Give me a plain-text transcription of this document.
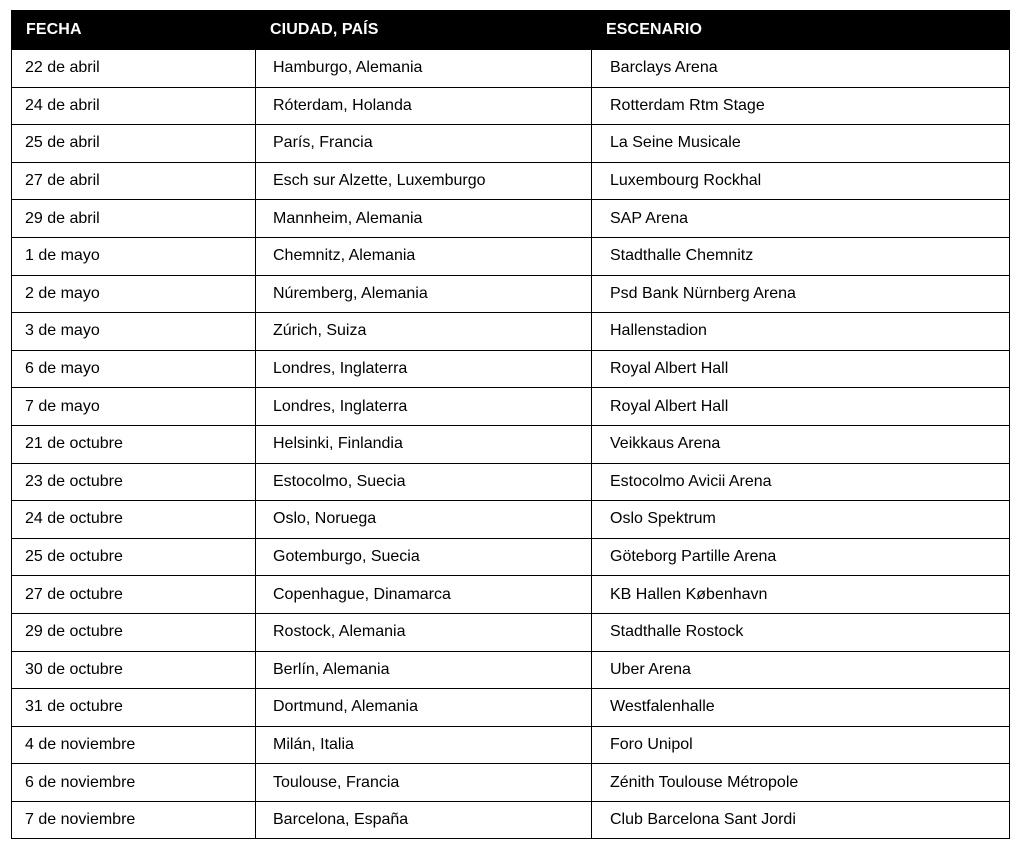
FECHA	CIUDAD, PAÍS	ESCENARIO
22 de abril	Hamburgo, Alemania	Barclays Arena
24 de abril	Róterdam, Holanda	Rotterdam Rtm Stage
25 de abril	París, Francia	La Seine Musicale
27 de abril	Esch sur Alzette, Luxemburgo	Luxembourg Rockhal
29 de abril	Mannheim, Alemania	SAP Arena
1 de mayo	Chemnitz, Alemania	Stadthalle Chemnitz
2 de mayo	Núremberg, Alemania	Psd Bank Nürnberg Arena
3 de mayo	Zúrich, Suiza	Hallenstadion
6 de mayo	Londres, Inglaterra	Royal Albert Hall
7 de mayo	Londres, Inglaterra	Royal Albert Hall
21 de octubre	Helsinki, Finlandia	Veikkaus Arena
23 de octubre	Estocolmo, Suecia	Estocolmo Avicii Arena
24 de octubre	Oslo, Noruega	Oslo Spektrum
25 de octubre	Gotemburgo, Suecia	Göteborg Partille Arena
27 de octubre	Copenhague, Dinamarca	KB Hallen København
29 de octubre	Rostock, Alemania	Stadthalle Rostock
30 de octubre	Berlín, Alemania	Uber Arena
31 de octubre	Dortmund, Alemania	Westfalenhalle
4 de noviembre	Milán, Italia	Foro Unipol
6 de noviembre	Toulouse, Francia	Zénith Toulouse Métropole
7 de noviembre	Barcelona, España	Club Barcelona Sant Jordi
